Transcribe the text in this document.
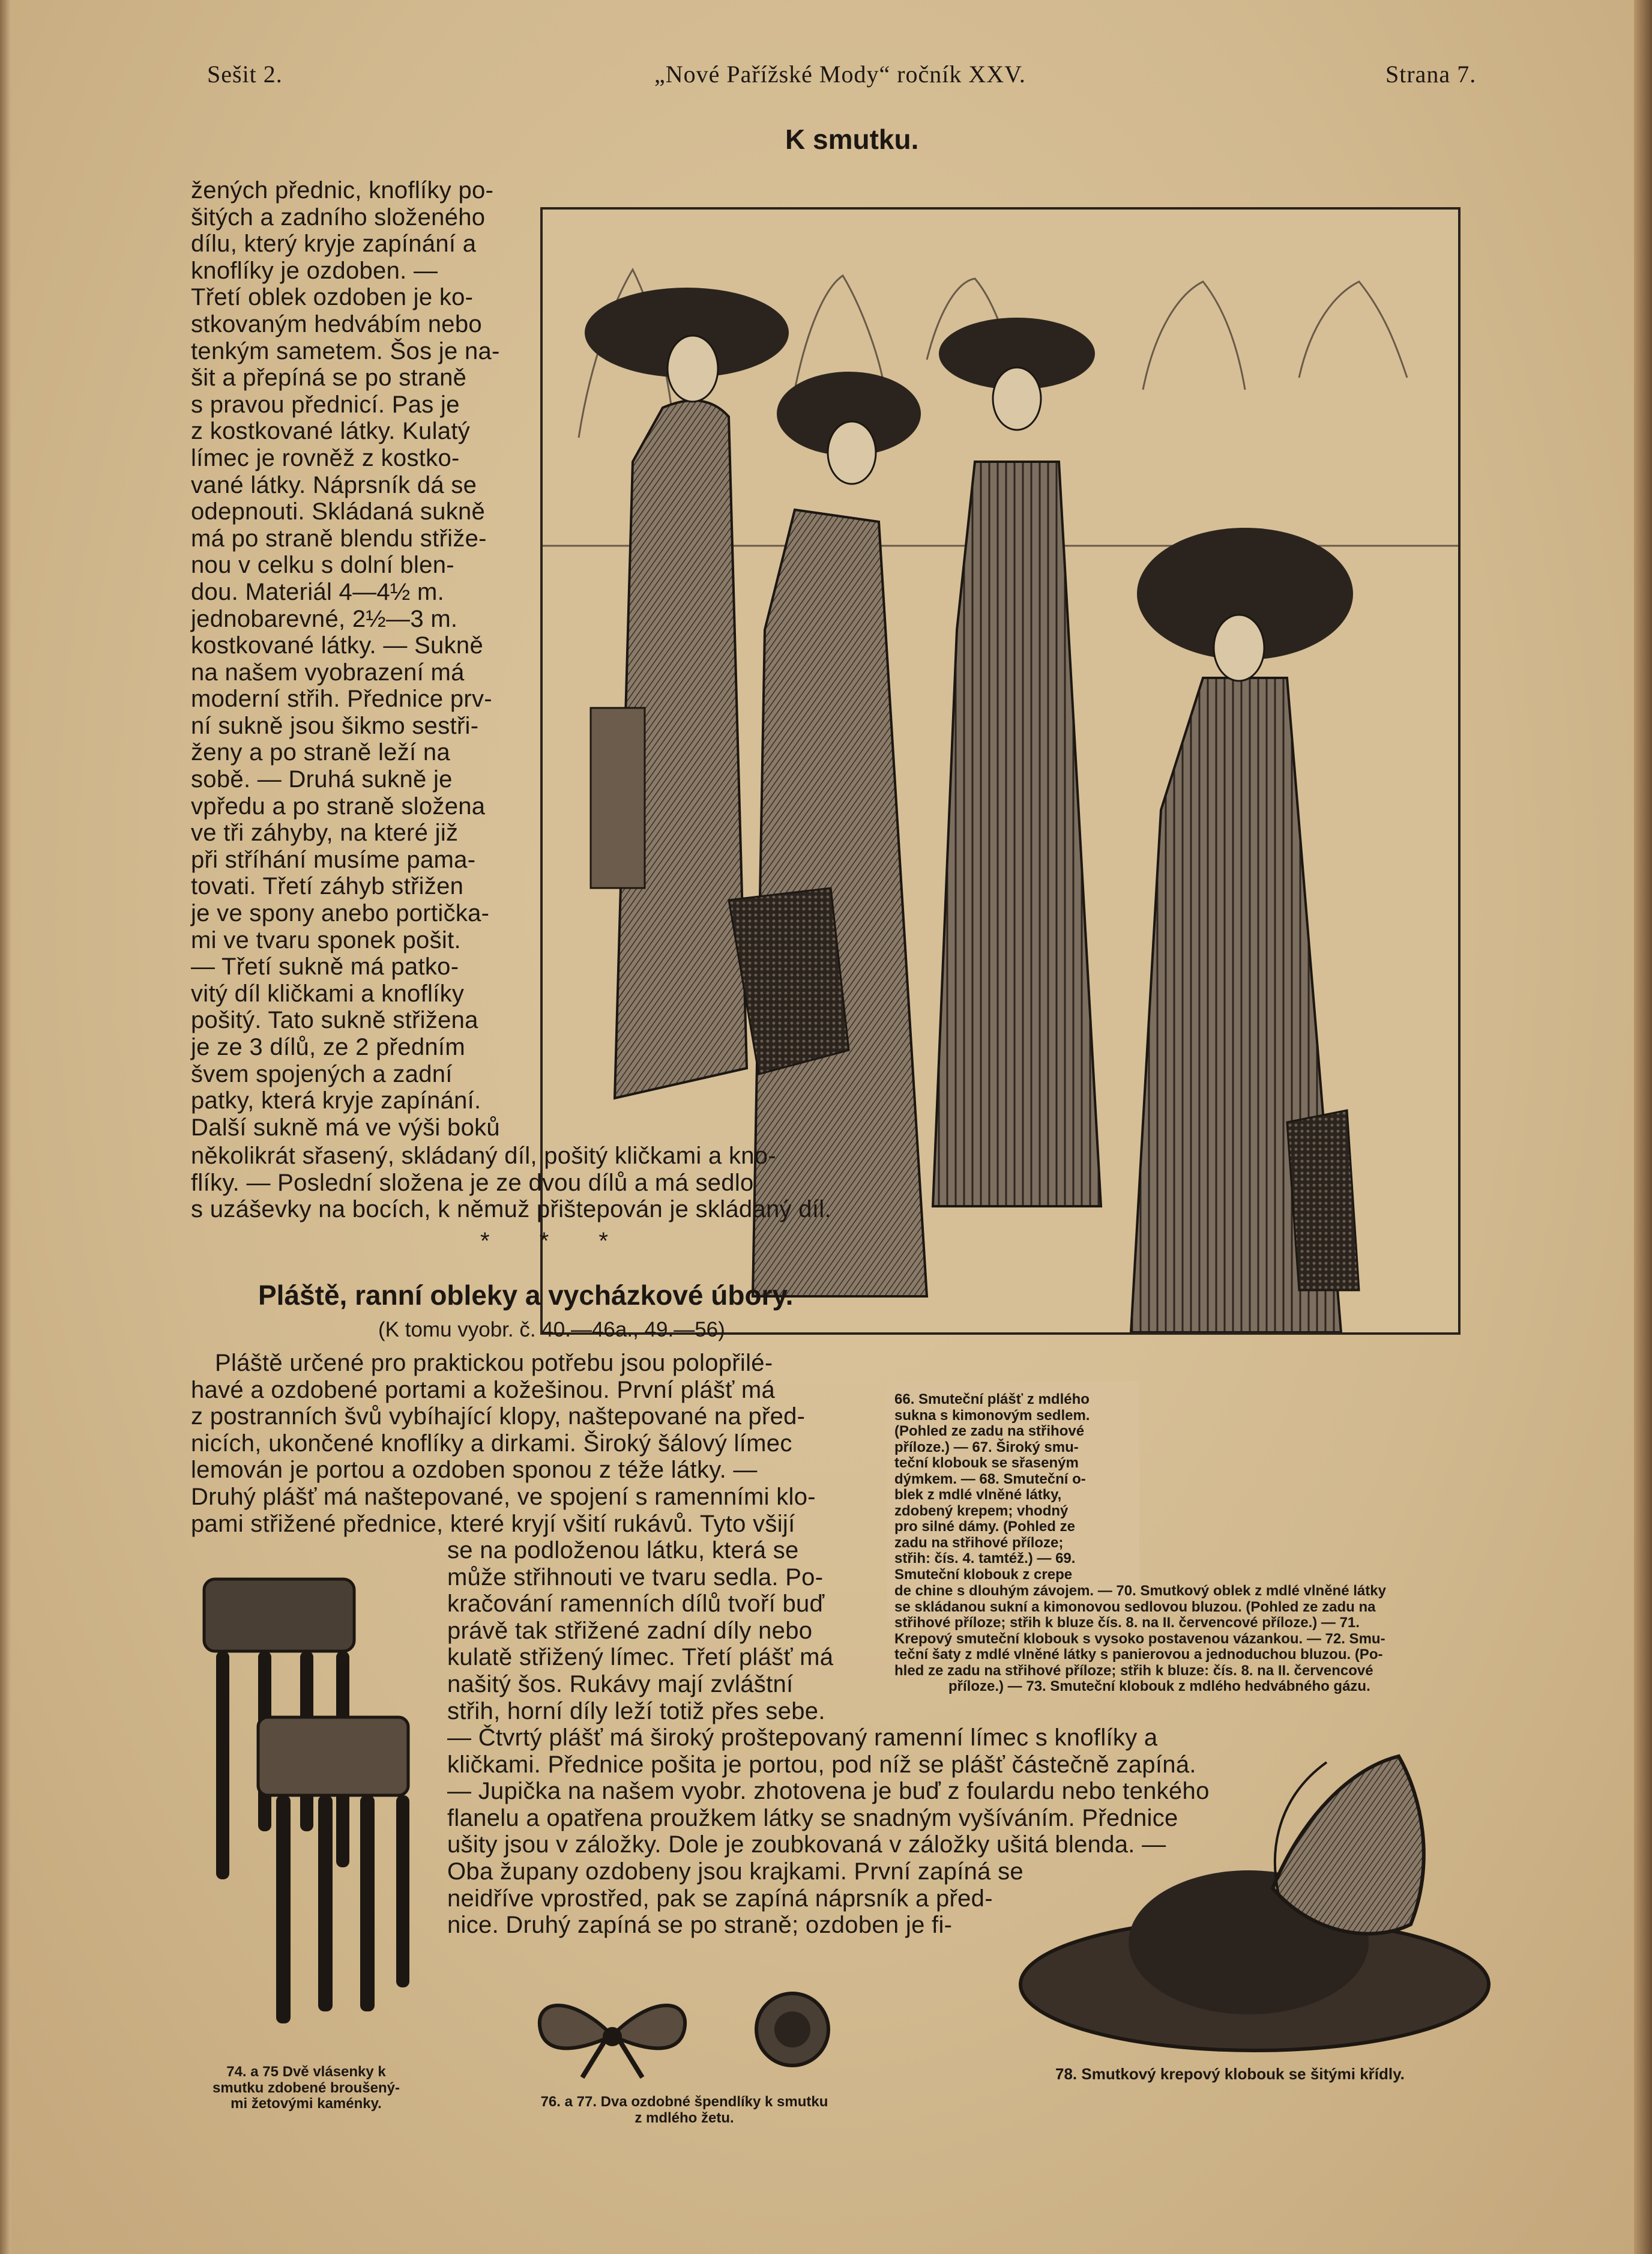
Sešit 2.	„Nové Pařížské Mody“ ročník XXV.	Strana 7.
K smutku.
66. Smuteční plášť z mdlého
sukna s kimonovým sedlem.
(Pohled ze zadu na střihové
příloze.) — 67. Široký smu-
teční klobouk se sřaseným
dýmkem. — 68. Smuteční o-
blek z mdlé vlněné látky,
zdobený krepem; vhodný
pro silné dámy. (Pohled ze
zadu na střihové příloze;
střih: čís. 4. tamtéž.) — 69.
Smuteční klobouk z crepe
de chine s dlouhým závojem. — 70. Smutkový oblek z mdlé vlněné látky
se skládanou sukní a kimonovou sedlovou bluzou. (Pohled ze zadu na
střihové příloze; střih k bluze čís. 8. na II. červencové příloze.) — 71.
Krepový smuteční klobouk s vysoko postavenou vázankou. — 72. Smu-
teční šaty z mdlé vlněné látky s panierovou a jednoduchou bluzou. (Po-
hled ze zadu na střihové příloze; střih k bluze: čís. 8. na II. červencové
příloze.) — 73. Smuteční klobouk z mdlého hedvábného gázu.
žených přednic, knoflíky po-
šitých a zadního složeného
dílu, který kryje zapínání a
knoflíky je ozdoben. —
Třetí oblek ozdoben je ko-
stkovaným hedvábím nebo
tenkým sametem. Šos je na-
šit a přepíná se po straně
s pravou přednicí. Pas je
z kostkované látky. Kulatý
límec je rovněž z kostko-
vané látky. Náprsník dá se
odepnouti. Skládaná sukně
má po straně blendu střiže-
nou v celku s dolní blen-
dou. Materiál 4—4½ m.
jednobarevné, 2½—3 m.
kostkované látky. — Sukně
na našem vyobrazení má
moderní střih. Přednice prv-
ní sukně jsou šikmo sestři-
ženy a po straně leží na
sobě. — Druhá sukně je
vpředu a po straně složena
ve tři záhyby, na které již
při stříhání musíme pama-
tovati. Třetí záhyb střižen
je ve spony anebo portička-
mi ve tvaru sponek pošit.
— Třetí sukně má patko-
vitý díl kličkami a knoflíky
pošitý. Tato sukně střižena
je ze 3 dílů, ze 2 předním
švem spojených a zadní
patky, která kryje zapínání.
Další sukně má ve výši boků
několikrát sřasený, skládaný díl, pošitý kličkami a kno-
flíky. — Poslední složena je ze dvou dílů a má sedlo
s uzáševky na bocích, k němuž přištepován je skládaný díl.
* * *
Pláště, ranní obleky a vycházkové úbory.
(K tomu vyobr. č. 40.—46a., 49.—56)
Pláště určené pro praktickou potřebu jsou polopřilé-
havé a ozdobené portami a kožešinou. První plášť má
z postranních švů vybíhající klopy, naštepované na před-
nicích, ukončené knoflíky a dirkami. Široký šálový límec
lemován je portou a ozdoben sponou z téže látky. —
Druhý plášť má naštepované, ve spojení s ramenními klo-
pami střižené přednice, které kryjí všití rukávů. Tyto všijí
se na podloženou látku, která se
může střihnouti ve tvaru sedla. Po-
kračování ramenních dílů tvoří buď
právě tak střižené zadní díly nebo
kulatě střižený límec. Třetí plášť má
našitý šos. Rukávy mají zvláštní
střih, horní díly leží totiž přes sebe.
— Čtvrtý plášť má široký proštepovaný ramenní límec s knoflíky a
kličkami. Přednice pošita je portou, pod níž se plášť částečně zapíná.
— Jupička na našem vyobr. zhotovena je buď z foulardu nebo tenkého
flanelu a opatřena proužkem látky se snadným vyšíváním. Přednice
ušity jsou v záložky. Dole je zoubkovaná v záložky ušitá blenda. —
Oba župany ozdobeny jsou krajkami. První zapíná se
neidříve vprostřed, pak se zapíná náprsník a před-
nice. Druhý zapíná se po straně; ozdoben je fi-
74. a 75 Dvě vlásenky k
smutku zdobené broušený-
mi žetovými kaménky.	76. a 77. Dva ozdobné špendlíky k smutku
z mdlého žetu.
78. Smutkový krepový klobouk se šitými křídly.
